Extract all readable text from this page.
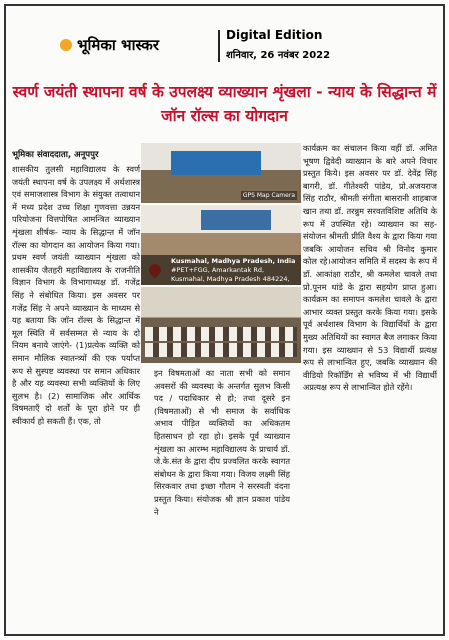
भूमिका भास्कर
Digital Edition
शनिवार, 26 नवंबर 2022
स्वर्ण जयंती स्थापना वर्ष के उपलक्ष्य व्याख्यान शृंखला - न्याय के सिद्धान्त में जॉन रॉल्स का योगदान
भूमिका संवाददाता, अनूपपुर
GPS Map Camera
Kusmahal, Madhya Pradesh, India
#PET+FGG, Amarkantak Rd, Kusmahal, Madhya Pradesh 484224,
शासकीय तुलसी महाविद्यालय के स्वर्ण जयंती स्थापना वर्ष के उपलक्ष्य में अर्थशास्त्र एवं समाजशास्त्र विभाग के संयुक्त तत्वाधान में मध्य प्रदेश उच्च शिक्षा गुणवत्ता उन्नयन परियोजना वित्तपोषित आमन्त्रित व्याख्यान शृंखला शीर्षक- न्याय के सिद्धान्त में जॉन रॉल्स का योगदान का आयोजन किया गया। प्रथम स्वर्ण जयंती व्याख्यान शृंखला को शासकीय जैतहरी महाविद्यालय के राजनीति विज्ञान विभाग के विभागाध्यक्ष डॉ. गजेंद्र सिंह ने संबोधित किया। इस अवसर पर गजेंद्र सिंह ने अपने व्याख्यान के माध्यम से यह बताया कि जॉन रॉल्स के सिद्धान्त में मूल स्थिति में सर्वसम्मत से न्याय के दो नियम बनाये जाएंगे- (1)प्रत्येक व्यक्ति को समान मौलिक स्वातन्त्र्यों की एक पर्याप्त रूप से सुस्पष्ट व्यवस्था पर समान अधिकार है और यह व्यवस्था सभी व्यक्तियों के लिए सुलभ है। (2) सामाजिक और आर्थिक विषमताएँ दो शर्तों के पूरा होने पर ही स्वीकार्य हो सकती हैं। एक, तो
इन विषमताओं का नाता सभी को समान अवसरों की व्यवस्था के अन्तर्गत सुलभ किसी पद / पदाधिकार से हो; तथा दूसरे इन (विषमताओं) से भी समाज के सर्वाधिक अभाव पीड़ित व्यक्तियों का अधिकतम हितसाधन हो रहा हो। इसके पूर्व व्याख्यान शृंखला का आरम्भ महाविद्यालय के प्राचार्य डॉ. जे.के.संत के द्वारा दीप प्रज्वलित करके स्वागत संबोधन के द्वारा किया गया। विजय लक्ष्मी सिंह सिरकवार तथा इच्छा गौतम ने सरस्वती वंदना प्रस्तुत किया। संयोजक श्री ज्ञान प्रकाश पांडेय ने
कार्यक्रम का संचालन किया वहीं डॉ. अमित भूषण द्विवेदी व्याख्यान के बारे अपने विचार प्रस्तुत किये। इस अवसर पर डॉ. देवेंद्र सिंह बागरी, डॉ. गीतेश्वरी पांडेय, प्रो.अजयराज सिंह राठौर, श्रीमती संगीता बासरानी शाहबाज खान तथा डॉ. तरन्नुम सरवतविशिष्ट अतिथि के रूप में उपस्थित रहे। व्याख्यान का सह-संयोजन श्रीमती प्रीति वैश्य के द्वारा किया गया जबकि आयोजन सचिव श्री विनोद कुमार कोल रहे।आयोजन समिति में सदस्य के रूप में डॉ. आकांक्षा राठौर, श्री कमलेश चावले तथा प्रो.पूनम धांडे के द्वारा सहयोग प्राप्त हुआ। कार्यक्रम का समापन कमलेश चावले के द्वारा आभार व्यक्त प्रस्तुत करके किया गया। इसके पूर्व अर्थशास्त्र विभाग के विद्यार्थियों के द्वारा मुख्य अतिथियों का स्वागत बैज लगाकर किया गया। इस व्याख्यान से 53 विद्यार्थी प्रत्यक्ष रूप से लाभान्वित हुए, जबकि व्याख्यान की वीडियो रिकॉर्डिंग से भविष्य में भी विद्यार्थी अप्रत्यक्ष रूप से लाभान्वित होते रहेंगे।
